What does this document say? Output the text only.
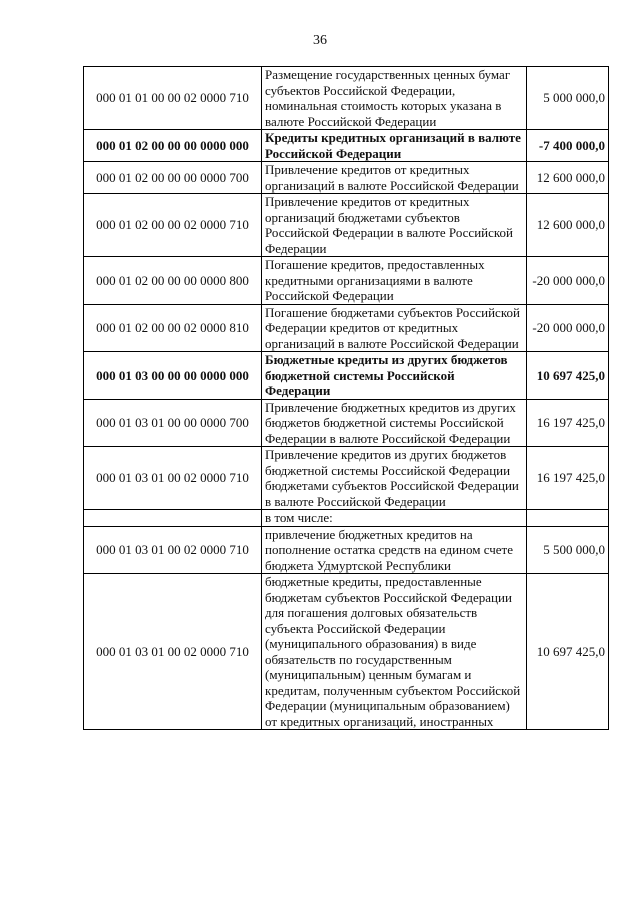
36
000 01 01 00 00 02 0000 710	Размещение государственных ценных бумаг субъектов Российской Федерации, номинальная стоимость которых указана в валюте Российской Федерации	5 000 000,0
000 01 02 00 00 00 0000 000	Кредиты кредитных организаций в валюте Российской Федерации	-7 400 000,0
000 01 02 00 00 00 0000 700	Привлечение кредитов от кредитных организаций в валюте Российской Федерации	12 600 000,0
000 01 02 00 00 02 0000 710	Привлечение кредитов от кредитных организаций бюджетами субъектов Российской Федерации в валюте Российской Федерации	12 600 000,0
000 01 02 00 00 00 0000 800	Погашение кредитов, предоставленных кредитными организациями в валюте Российской Федерации	-20 000 000,0
000 01 02 00 00 02 0000 810	Погашение бюджетами субъектов Российской Федерации кредитов от кредитных организаций в валюте Российской Федерации	-20 000 000,0
000 01 03 00 00 00 0000 000	Бюджетные кредиты из других бюджетов бюджетной системы Российской Федерации	10 697 425,0
000 01 03 01 00 00 0000 700	Привлечение бюджетных кредитов из других бюджетов бюджетной системы Российской Федерации в валюте Российской Федерации	16 197 425,0
000 01 03 01 00 02 0000 710	Привлечение кредитов из других бюджетов бюджетной системы Российской Федерации бюджетами субъектов Российской Федерации в валюте Российской Федерации	16 197 425,0
	в том числе:	
000 01 03 01 00 02 0000 710	привлечение бюджетных кредитов на пополнение остатка средств на едином счете бюджета Удмуртской Республики	5 500 000,0
000 01 03 01 00 02 0000 710	бюджетные кредиты, предоставленные бюджетам субъектов Российской Федерации для погашения долговых обязательств субъекта Российской Федерации (муниципального образования) в виде обязательств по государственным (муниципальным) ценным бумагам и кредитам, полученным субъектом Российской Федерации (муниципальным образованием) от кредитных организаций, иностранных	10 697 425,0
